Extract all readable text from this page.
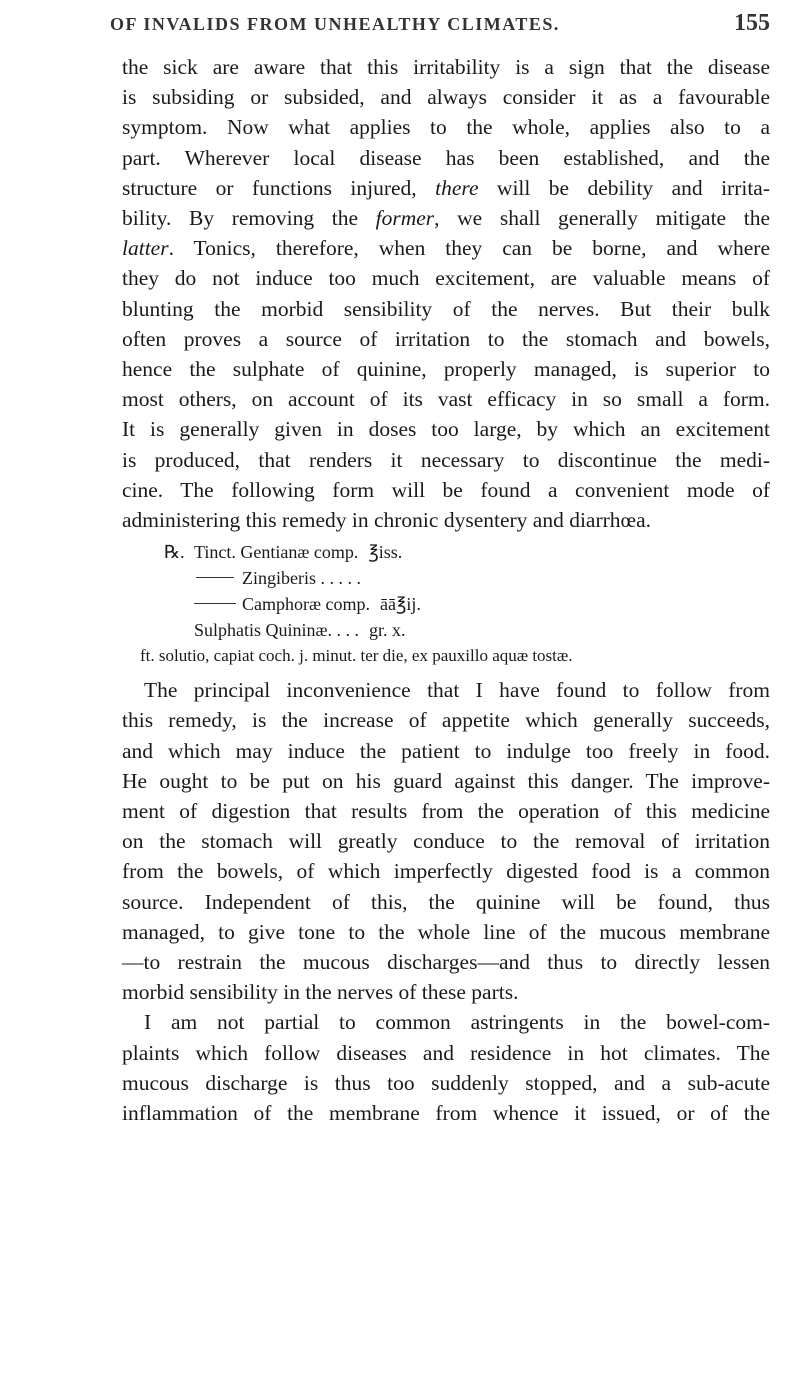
OF INVALIDS FROM UNHEALTHY CLIMATES.	155
the sick are aware that this irritability is a sign that the disease
is subsiding or subsided, and always consider it as a favourable
symptom. Now what applies to the whole, applies also to a
part. Wherever local disease has been established, and the
structure or functions injured, there will be debility and irrita-
bility. By removing the former, we shall generally mitigate the
latter. Tonics, therefore, when they can be borne, and where
they do not induce too much excitement, are valuable means of
blunting the morbid sensibility of the nerves. But their bulk
often proves a source of irritation to the stomach and bowels,
hence the sulphate of quinine, properly managed, is superior to
most others, on account of its vast efficacy in so small a form.
It is generally given in doses too large, by which an excitement
is produced, that renders it necessary to discontinue the medi-
cine. The following form will be found a convenient mode of
administering this remedy in chronic dysentery and diarrhœa.
℞. Tinct. Gentianæ comp. ℥iss.
Zingiberis . . . . .
Camphoræ comp. āā℥ij.
Sulphatis Quininæ. . . . gr. x.
ft. solutio, capiat coch. j. minut. ter die, ex pauxillo aquæ tostæ.
The principal inconvenience that I have found to follow from
this remedy, is the increase of appetite which generally succeeds,
and which may induce the patient to indulge too freely in food.
He ought to be put on his guard against this danger. The improve-
ment of digestion that results from the operation of this medicine
on the stomach will greatly conduce to the removal of irritation
from the bowels, of which imperfectly digested food is a common
source. Independent of this, the quinine will be found, thus
managed, to give tone to the whole line of the mucous membrane
—to restrain the mucous discharges—and thus to directly lessen
morbid sensibility in the nerves of these parts.
I am not partial to common astringents in the bowel-com-
plaints which follow diseases and residence in hot climates. The
mucous discharge is thus too suddenly stopped, and a sub-acute
inflammation of the membrane from whence it issued, or of the
